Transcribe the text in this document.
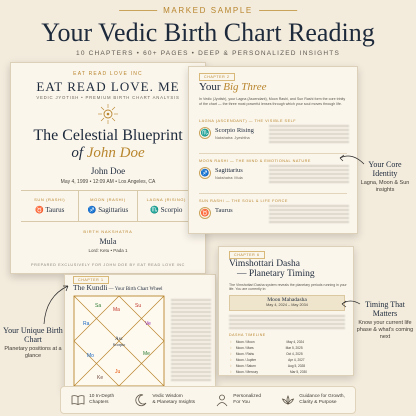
MARKED SAMPLE
Your Vedic Birth Chart Reading
10 CHAPTERS • 60+ PAGES • DEEP & PERSONALIZED INSIGHTS
EAT READ LOVE INC
EAT READ LOVE. ME
VEDIC JYOTISH • PREMIUM BIRTH CHART ANALYSIS
The Celestial Blueprint
of John Doe
John Doe
May 4, 1999 • 12:09 AM • Los Angeles, CA
SUN (RASHI)
♉ Taurus
MOON (RASHI)
♐ Sagittarius
LAGNA (RISING)
♏ Scorpio
BIRTH NAKSHATRA
Mula
Lord: Ketu • Pada 1
PREPARED EXCLUSIVELY FOR JOHN DOE BY EAT READ LOVE INC
CHAPTER 2
Your Big Three
In Vedic (Jyotish), your Lagna (Ascendant), Moon Rashi, and Sun Rashi form the core trinity of the chart — the three most powerful lenses through which your soul moves through life.
LAGNA (ASCENDANT) — THE VISIBLE SELF
♏ Scorpio Rising
Nakshatra: Jyeshtha
MOON RASHI — THE MIND & EMOTIONAL NATURE
♐ Sagittarius
Nakshatra: Mula
SUN RASHI — THE SOUL & LIFE FORCE
♉ Taurus
Your Core Identity
Lagna, Moon & Sun insights
CHAPTER 1
The Kundli — Your Birth Chart Wheel
Asc
Scorpio
Ma
Sa
Ra
Su
Ve
Me
Ju
Mo
Ke
Your Unique Birth Chart
Planetary positions at a glance
CHAPTER 6
Vimshottari Dasha
— Planetary Timing
The Vimshottari Dasha system reveals the planetary periods running in your life. You are currently in:
Moon Mahadasha
May 4, 2024 – May 2034
DASHA TIMELINE
☽ Moon / Moon	May 4, 2024
☽ Moon / Mars	Mar 5, 2025
☽ Moon / Rahu	Oct 4, 2025
☽ Moon / Jupiter	Apr 4, 2027
☽ Moon / Saturn	Aug 5, 2028
☽ Moon / Mercury	Mar 5, 2030
Timing That Matters
Know your current life phase & what's coming next
10 In-Depth
Chapters
Vedic Wisdom
& Planetary Insights
Personalized
For You
Guidance for Growth,
Clarity & Purpose
